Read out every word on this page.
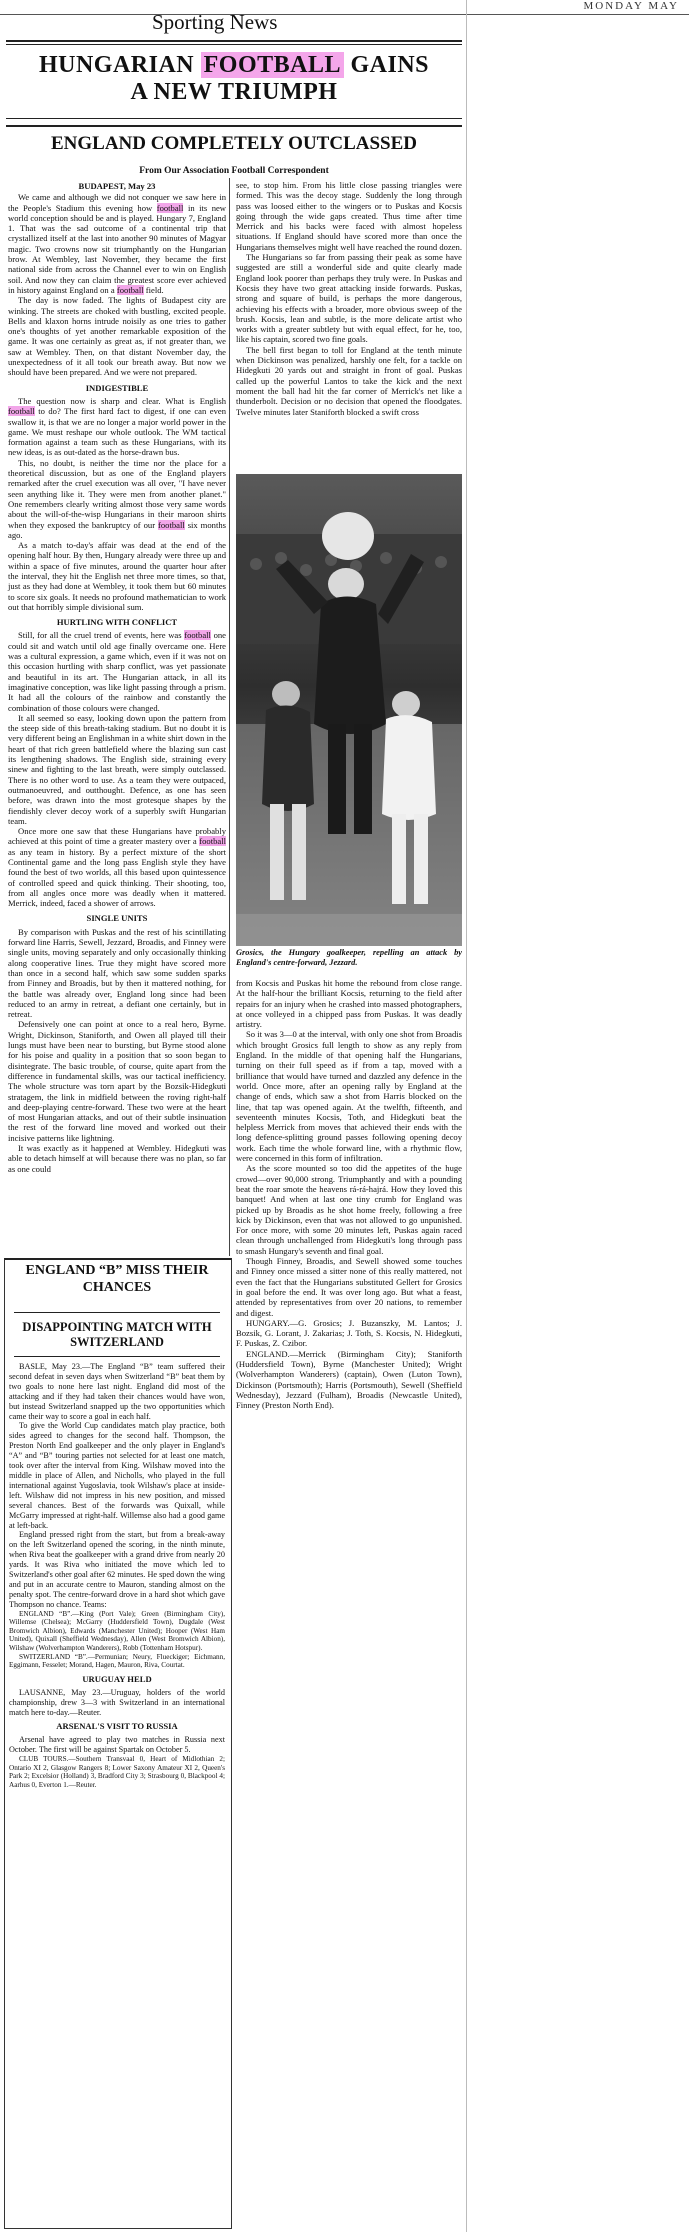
MONDAY MAY
Sporting News
HUNGARIAN FOOTBALL GAINS
A NEW TRIUMPH
ENGLAND COMPLETELY OUTCLASSED
From Our Association Football Correspondent

BUDAPEST, May 23

We came and although we did not conquer we saw here in the People's Stadium this evening how football in its new world conception should be and is played. Hungary 7, England 1. That was the sad outcome of a continental trip that crystallized itself at the last into another 90 minutes of Magyar magic. Two crowns now sit triumphantly on the Hungarian brow. At Wembley, last November, they became the first national side from across the Channel ever to win on English soil. And now they can claim the greatest score ever achieved in history against England on a football field.

The day is now faded. The lights of Budapest city are winking. The streets are choked with bustling, excited people. Bells and klaxon horns intrude noisily as one tries to gather one's thoughts of yet another remarkable exposition of the game. It was one certainly as great as, if not greater than, we saw at Wembley. Then, on that distant November day, the unexpectedness of it all took our breath away. But now we should have been prepared. And we were not prepared.

INDIGESTIBLE

The question now is sharp and clear. What is English football to do? The first hard fact to digest, if one can even swallow it, is that we are no longer a major world power in the game. We must reshape our whole outlook. The WM tactical formation against a team such as these Hungarians, with its new ideas, is as out-dated as the horse-drawn bus.

This, no doubt, is neither the time nor the place for a theoretical discussion, but as one of the England players remarked after the cruel execution was all over, "I have never seen anything like it. They were men from another planet." One remembers clearly writing almost those very same words about the will-of-the-wisp Hungarians in their maroon shirts when they exposed the bankruptcy of our football six months ago.

As a match to-day's affair was dead at the end of the opening half hour. By then, Hungary already were three up and within a space of five minutes, around the quarter hour after the interval, they hit the English net three more times, so that, just as they had done at Wembley, it took them but 60 minutes to score six goals. It needs no profound mathematician to work out that horribly simple divisional sum.

HURTLING WITH CONFLICT

Still, for all the cruel trend of events, here was football one could sit and watch until old age finally overcame one. Here was a cultural expression, a game which, even if it was not on this occasion hurtling with sharp conflict, was yet passionate and beautiful in its art. The Hungarian attack, in all its imaginative conception, was like light passing through a prism. It had all the colours of the rainbow and constantly the combination of those colours were changed.

It all seemed so easy, looking down upon the pattern from the steep side of this breath-taking stadium. But no doubt it is very different being an Englishman in a white shirt down in the heart of that rich green battlefield where the blazing sun cast its lengthening shadows. The English side, straining every sinew and fighting to the last breath, were simply outclassed. There is no other word to use. As a team they were outpaced, outmanoeuvred, and outthought. Defence, as one has seen before, was drawn into the most grotesque shapes by the fiendishly clever decoy work of a superbly swift Hungarian team.

Once more one saw that these Hungarians have probably achieved at this point of time a greater mastery over a football as any team in history. By a perfect mixture of the short Continental game and the long pass English style they have found the best of two worlds, all this based upon quintessence of controlled speed and quick thinking. Their shooting, too, from all angles once more was deadly when it mattered. Merrick, indeed, faced a shower of arrows.

SINGLE UNITS

By comparison with Puskas and the rest of his scintillating forward line Harris, Sewell, Jezzard, Broadis, and Finney were single units, moving separately and only occasionally thinking along cooperative lines. True they might have scored more than once in a second half, which saw some sudden sparks from Finney and Broadis, but by then it mattered nothing, for the battle was already over, England long since had been reduced to an army in retreat, a defiant one certainly, but in retreat.

Defensively one can point at once to a real hero, Byrne. Wright, Dickinson, Staniforth, and Owen all played till their lungs must have been near to bursting, but Byrne stood alone for his poise and quality in a position that so soon began to disintegrate. The basic trouble, of course, quite apart from the difference in fundamental skills, was our tactical inefficiency. The whole structure was torn apart by the Bozsik-Hidegkuti stratagem, the link in midfield between the roving right-half and deep-playing centre-forward. These two were at the heart of most Hungarian attacks, and out of their subtle insinuation the rest of the forward line moved and worked out their incisive patterns like lightning.

It was exactly as it happened at Wembley. Hidegkuti was able to detach himself at will because there was no plan, so far as one could

see, to stop him. From his little close passing triangles were formed. This was the decoy stage. Suddenly the long through pass was loosed either to the wingers or to Puskas and Kocsis going through the wide gaps created. Thus time after time Merrick and his backs were faced with almost hopeless situations. If England should have scored more than once the Hungarians themselves might well have reached the round dozen.

The Hungarians so far from passing their peak as some have suggested are still a wonderful side and quite clearly made England look poorer than perhaps they truly were. In Puskas and Kocsis they have two great attacking inside forwards. Puskas, strong and square of build, is perhaps the more dangerous, achieving his effects with a broader, more obvious sweep of the brush. Kocsis, lean and subtle, is the more delicate artist who works with a greater subtlety but with equal effect, for he, too, like his captain, scored two fine goals.

The bell first began to toll for England at the tenth minute when Dickinson was penalized, harshly one felt, for a tackle on Hidegkuti 20 yards out and straight in front of goal. Puskas called up the powerful Lantos to take the kick and the next moment the ball had hit the far corner of Merrick's net like a thunderbolt. Decision or no decision that opened the floodgates. Twelve minutes later Staniforth blocked a swift cross

Grosics, the Hungary goalkeeper, repelling an attack by England's centre-forward, Jezzard.

from Kocsis and Puskas hit home the rebound from close range. At the half-hour the brilliant Kocsis, returning to the field after repairs for an injury when he crashed into massed photographers, at once volleyed in a chipped pass from Puskas. It was deadly artistry.

So it was 3—0 at the interval, with only one shot from Broadis which brought Grosics full length to show as any reply from England. In the middle of that opening half the Hungarians, turning on their full speed as if from a tap, moved with a brilliance that would have turned and dazzled any defence in the world. Once more, after an opening rally by England at the change of ends, which saw a shot from Harris blocked on the line, that tap was opened again. At the twelfth, fifteenth, and seventeenth minutes Kocsis, Toth, and Hidegkuti beat the helpless Merrick from moves that achieved their ends with the long defence-splitting ground passes following opening decoy work. Each time the whole forward line, with a rhythmic flow, were concerned in this form of infiltration.

As the score mounted so too did the appetites of the huge crowd—over 90,000 strong. Triumphantly and with a pounding beat the roar smote the heavens rá-rá-hajrá. How they loved this banquet! And when at last one tiny crumb for England was picked up by Broadis as he shot home freely, following a free kick by Dickinson, even that was not allowed to go unpunished. For once more, with some 20 minutes left, Puskas again raced clean through unchallenged from Hidegkuti's long through pass to smash Hungary's seventh and final goal.

Though Finney, Broadis, and Sewell showed some touches and Finney once missed a sitter none of this really mattered, not even the fact that the Hungarians substituted Gellert for Grosics in goal before the end. It was over long ago. But what a feast, attended by representatives from over 20 nations, to remember and digest.

HUNGARY.—G. Grosics; J. Buzanszky, M. Lantos; J. Bozsik, G. Lorant, J. Zakarias; J. Toth, S. Kocsis, N. Hidegkuti, F. Puskas, Z. Czibor.

ENGLAND.—Merrick (Birmingham City); Staniforth (Huddersfield Town), Byrne (Manchester United); Wright (Wolverhampton Wanderers) (captain), Owen (Luton Town), Dickinson (Portsmouth); Harris (Portsmouth), Sewell (Sheffield Wednesday), Jezzard (Fulham), Broadis (Newcastle United), Finney (Preston North End).

ENGLAND “B” MISS THEIR CHANCES
DISAPPOINTING MATCH WITH SWITZERLAND

BASLE, May 23.—The England “B” team suffered their second defeat in seven days when Switzerland “B” beat them by two goals to none here last night. England did most of the attacking and if they had taken their chances would have won, but instead Switzerland snapped up the two opportunities which came their way to score a goal in each half.

To give the World Cup candidates match play practice, both sides agreed to changes for the second half. Thompson, the Preston North End goalkeeper and the only player in England's “A” and “B” touring parties not selected for at least one match, took over after the interval from King. Wilshaw moved into the middle in place of Allen, and Nicholls, who played in the full international against Yugoslavia, took Wilshaw's place at inside-left. Wilshaw did not impress in his new position, and missed several chances. Best of the forwards was Quixall, while McGarry impressed at right-half. Willemse also had a good game at left-back.

England pressed right from the start, but from a break-away on the left Switzerland opened the scoring, in the ninth minute, when Riva beat the goalkeeper with a grand drive from nearly 20 yards. It was Riva who initiated the move which led to Switzerland's other goal after 62 minutes. He sped down the wing and put in an accurate centre to Mauron, standing almost on the penalty spot. The centre-forward drove in a hard shot which gave Thompson no chance. Teams:

ENGLAND “B”.—King (Port Vale); Green (Birmingham City), Willemse (Chelsea); McGarry (Huddersfield Town), Dugdale (West Bromwich Albion), Edwards (Manchester United); Hooper (West Ham United), Quixall (Sheffield Wednesday), Allen (West Bromwich Albion), Wilshaw (Wolverhampton Wanderers), Robb (Tottenham Hotspur).

SWITZERLAND “B”.—Permunian; Neury, Flueckiger; Eichmann, Eggimann, Fesselet; Morand, Hagen, Mauron, Riva, Courtat.

URUGUAY HELD

LAUSANNE, May 23.—Uruguay, holders of the world championship, drew 3—3 with Switzerland in an international match here to-day.—Reuter.

ARSENAL'S VISIT TO RUSSIA

Arsenal have agreed to play two matches in Russia next October. The first will be against Spartak on October 5.

CLUB TOURS.—Southern Transvaal 0, Heart of Midlothian 2; Ontario XI 2, Glasgow Rangers 8; Lower Saxony Amateur XI 2, Queen's Park 2; Excelsior (Holland) 3, Bradford City 3; Strasbourg 0, Blackpool 4; Aarhus 0, Everton 1.—Reuter.
